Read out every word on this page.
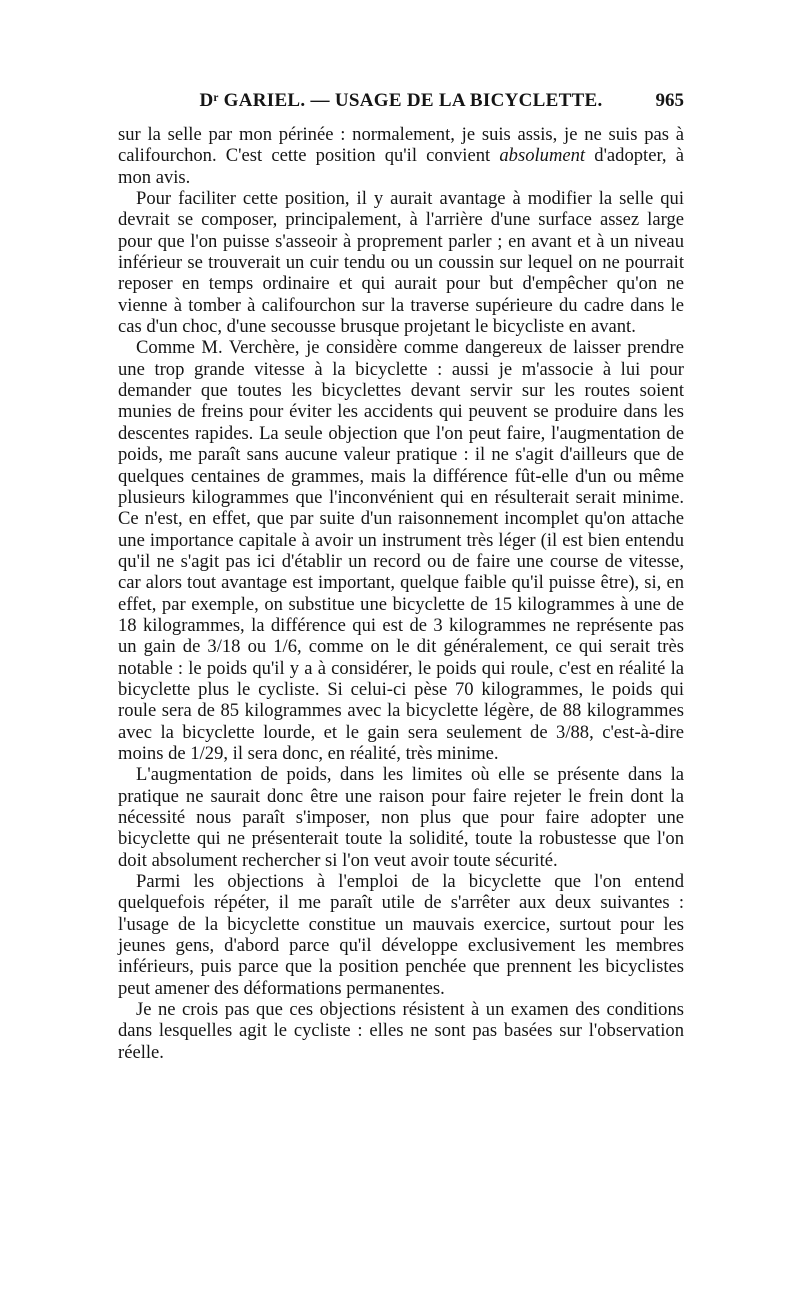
Dʳ GARIEL. — USAGE DE LA BICYCLETTE.	965

sur la selle par mon périnée : normalement, je suis assis, je ne suis pas à califourchon. C'est cette position qu'il convient absolument d'adopter, à mon avis.

Pour faciliter cette position, il y aurait avantage à modifier la selle qui devrait se composer, principalement, à l'arrière d'une surface assez large pour que l'on puisse s'asseoir à proprement parler ; en avant et à un niveau inférieur se trouverait un cuir tendu ou un coussin sur lequel on ne pourrait reposer en temps ordinaire et qui aurait pour but d'empêcher qu'on ne vienne à tomber à califourchon sur la traverse supérieure du cadre dans le cas d'un choc, d'une secousse brusque projetant le bicycliste en avant.

Comme M. Verchère, je considère comme dangereux de laisser prendre une trop grande vitesse à la bicyclette : aussi je m'associe à lui pour demander que toutes les bicyclettes devant servir sur les routes soient munies de freins pour éviter les accidents qui peuvent se produire dans les descentes rapides. La seule objection que l'on peut faire, l'augmentation de poids, me paraît sans aucune valeur pratique : il ne s'agit d'ailleurs que de quelques centaines de grammes, mais la différence fût-elle d'un ou même plusieurs kilogrammes que l'inconvénient qui en résulterait serait minime. Ce n'est, en effet, que par suite d'un raisonnement incomplet qu'on attache une importance capitale à avoir un instrument très léger (il est bien entendu qu'il ne s'agit pas ici d'établir un record ou de faire une course de vitesse, car alors tout avantage est important, quelque faible qu'il puisse être), si, en effet, par exemple, on substitue une bicyclette de 15 kilogrammes à une de 18 kilogrammes, la différence qui est de 3 kilogrammes ne représente pas un gain de 3/18 ou 1/6, comme on le dit généralement, ce qui serait très notable : le poids qu'il y a à considérer, le poids qui roule, c'est en réalité la bicyclette plus le cycliste. Si celui-ci pèse 70 kilogrammes, le poids qui roule sera de 85 kilogrammes avec la bicyclette légère, de 88 kilogrammes avec la bicyclette lourde, et le gain sera seulement de 3/88, c'est-à-dire moins de 1/29, il sera donc, en réalité, très minime.

L'augmentation de poids, dans les limites où elle se présente dans la pratique ne saurait donc être une raison pour faire rejeter le frein dont la nécessité nous paraît s'imposer, non plus que pour faire adopter une bicyclette qui ne présenterait toute la solidité, toute la robustesse que l'on doit absolument rechercher si l'on veut avoir toute sécurité.

Parmi les objections à l'emploi de la bicyclette que l'on entend quelquefois répéter, il me paraît utile de s'arrêter aux deux suivantes : l'usage de la bicyclette constitue un mauvais exercice, surtout pour les jeunes gens, d'abord parce qu'il développe exclusivement les membres inférieurs, puis parce que la position penchée que prennent les bicyclistes peut amener des déformations permanentes.

Je ne crois pas que ces objections résistent à un examen des conditions dans lesquelles agit le cycliste : elles ne sont pas basées sur l'observation réelle.
